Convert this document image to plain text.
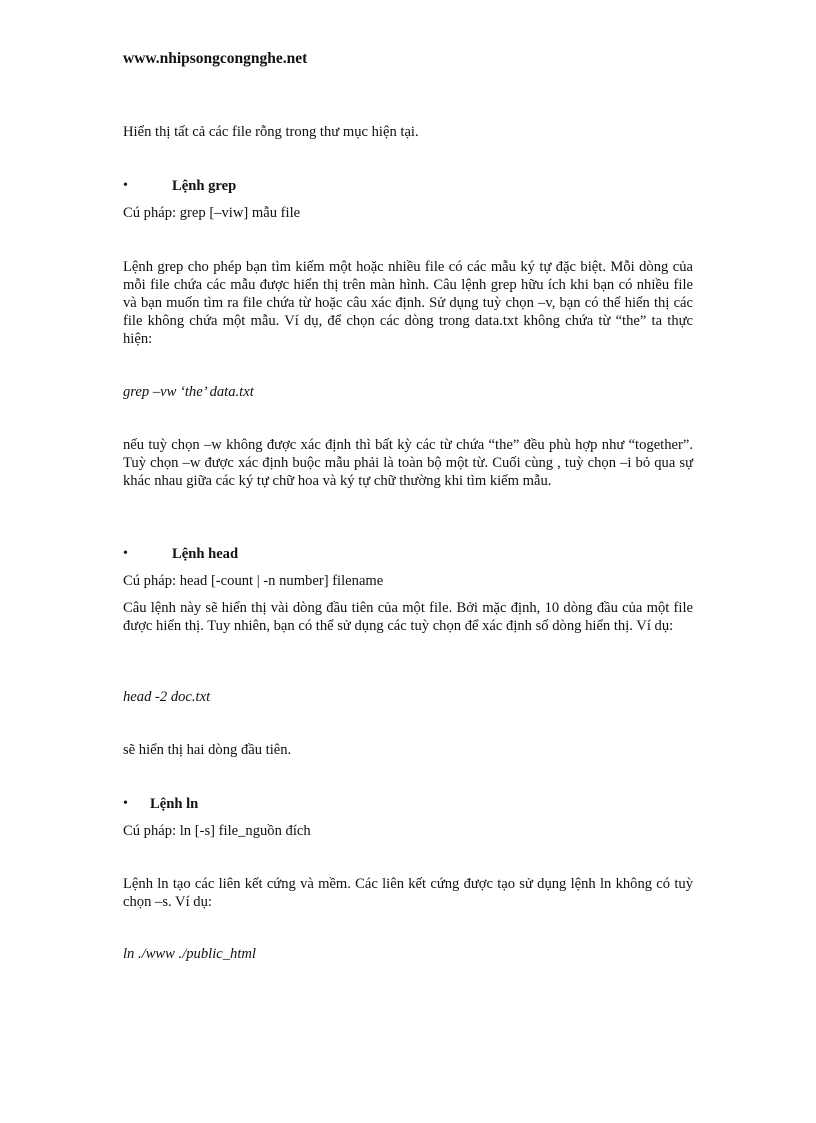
www.nhipsongcongnghe.net

Hiển thị tất cả các file rỗng trong thư mục hiện tại.

•	Lệnh grep

Cú pháp: grep [–viw] mẫu file

Lệnh grep cho phép bạn tìm kiếm một hoặc nhiều file có các mẫu ký tự đặc biệt. Mỗi dòng của mỗi file chứa các mẫu được hiển thị trên màn hình. Câu lệnh grep hữu ích khi bạn có nhiều file và bạn muốn tìm ra file chứa từ hoặc câu xác định. Sử dụng tuỳ chọn –v, bạn có thể hiển thị các file không chứa một mẫu. Ví dụ, để chọn các dòng trong data.txt không chứa từ “the” ta thực hiện:

grep –vw ‘the’ data.txt

nếu tuỳ chọn –w không được xác định thì bất kỳ các từ chứa “the” đều phù hợp như “together”. Tuỳ chọn –w được xác định buộc mẫu phải là toàn bộ một từ. Cuối cùng , tuỳ chọn –i bỏ qua sự khác nhau giữa các ký tự chữ hoa và ký tự chữ thường khi tìm kiếm mẫu.

•	Lệnh head

Cú pháp: head [-count | -n number] filename

Câu lệnh này sẽ hiển thị vài dòng đầu tiên của một file. Bởi mặc định, 10 dòng đầu của một file được hiển thị. Tuy nhiên, bạn có thể sử dụng các tuỳ chọn để xác định số dòng hiển thị. Ví dụ:

head -2 doc.txt

sẽ hiển thị hai dòng đầu tiên.

• Lệnh ln

Cú pháp: ln [-s] file_nguồn đích

Lệnh ln tạo các liên kết cứng và mềm. Các liên kết cứng được tạo sử dụng lệnh ln không có tuỳ chọn –s. Ví dụ:

ln ./www ./public_html
